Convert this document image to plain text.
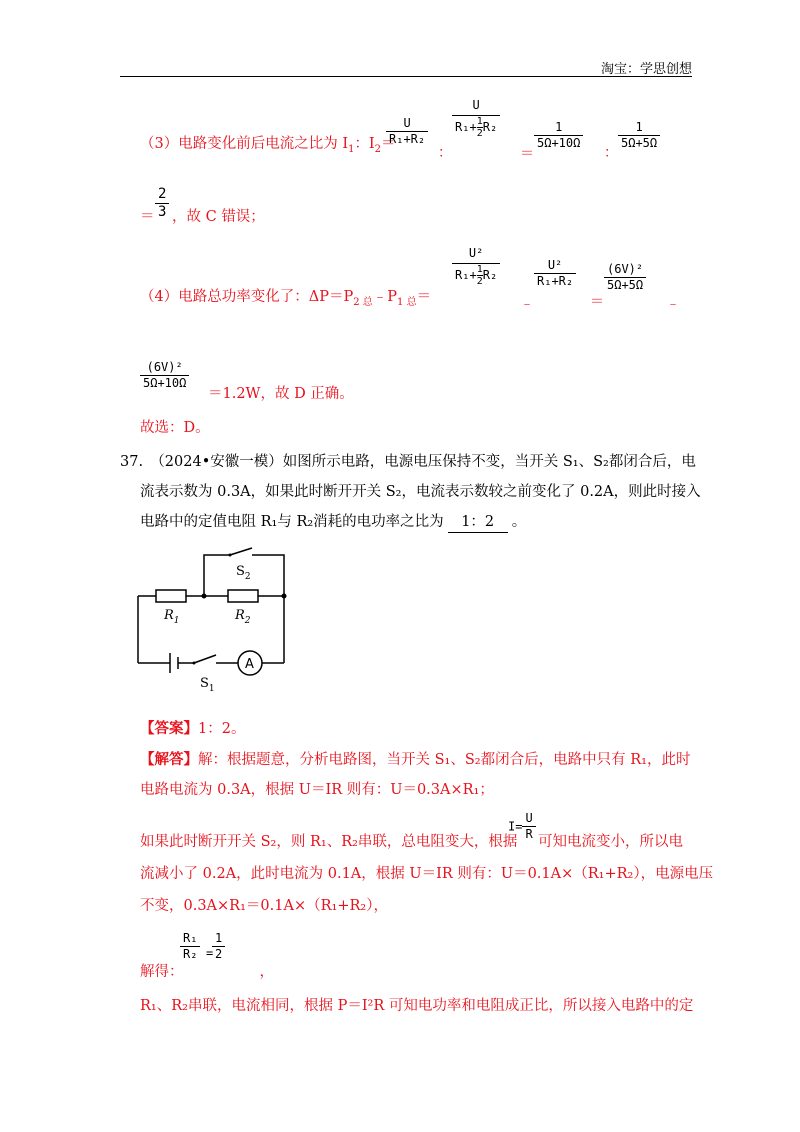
淘宝：学思创想
（3）电路变化前后电流之比为 $I_1$：$I_2=$
U
R₁+R₂
：
U
$R_1+ \frac{1}{2} R_2$
＝
1
5Ω+10Ω
：
1
5Ω+5Ω
＝
2
3 ，故 C 错误；
（4）电路总功率变化了：$\Delta P=P_{2 总}﹣P_{1 总}=$
U²
$R_1+ \frac{1}{2} R_2$
﹣
U²
R₁+R₂
＝
(6V)²
5Ω+5Ω
﹣
(6V)²
5Ω+10Ω
＝1.2W，故 D 正确。
故选：D。
37.　（2024•安徽一模）如图所示电路，电源电压保持不变，当开关 S₁、S₂都闭合后，电
流表示数为 0.3A，如果此时断开开关 S₂，电流表示数较之前变化了 0.2A，则此时接入
电路中的定值电阻 R₁与 R₂消耗的电功率之比为 1：2 。
A
$S_2$
$R_1$	$R_2$
$S_1$
【答案】1：2。
【解答】解：根据题意，分析电路图，当开关 S₁、S₂都闭合后，电路中只有 R₁，此时
电路电流为 0.3A，根据 U＝IR 则有：U＝0.3A×R₁；
如果此时断开开关 S₂，则 R₁、R₂串联，总电阻变大，根据
$I= \frac{U}{R}$ 可知电流变小，所以电
流减小了 0.2A，此时电流为 0.1A，根据 U＝IR 则有：U＝0.1A×（R₁+R₂），电源电压
不变，0.3A×R₁＝0.1A×（R₁+R₂），
R₁
R₂ =
1
2
解得：	，
R₁、R₂串联，电流相同，根据 P＝I²R 可知电功率和电阻成正比，所以接入电路中的定
